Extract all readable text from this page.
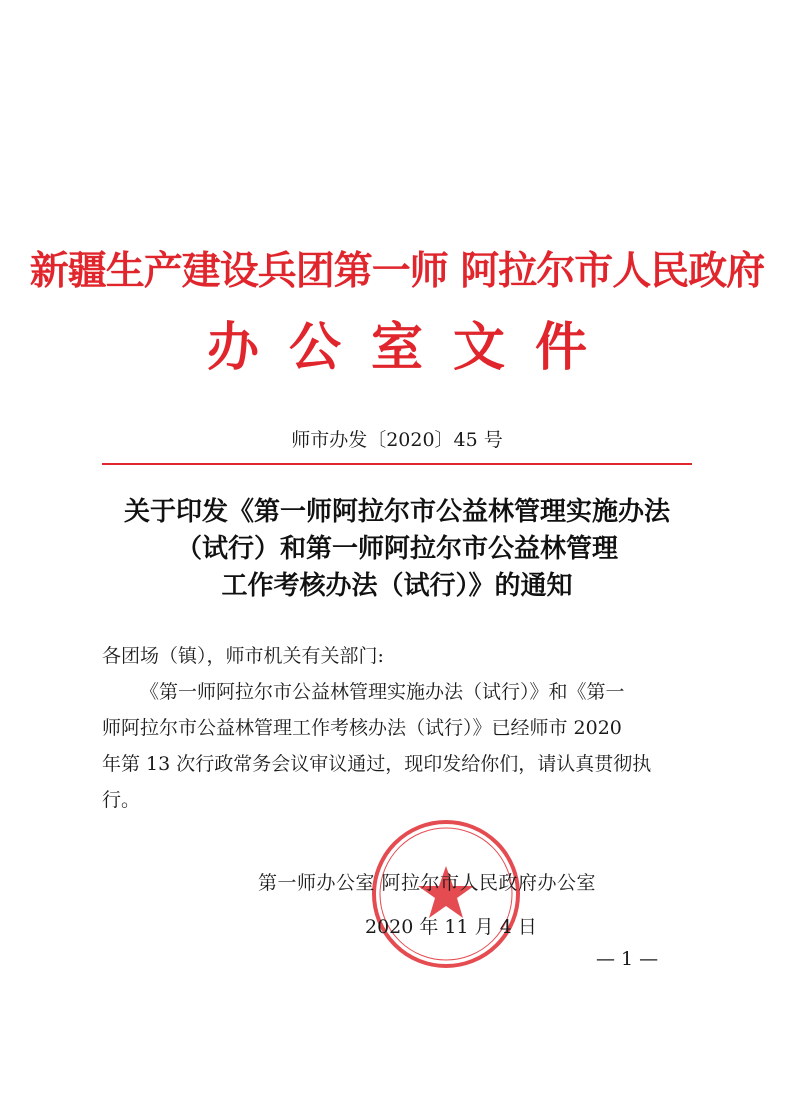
新疆生产建设兵团第一师 阿拉尔市人民政府
办公室文件
师市办发〔2020〕45 号
关于印发《第一师阿拉尔市公益林管理实施办法
（试行）和第一师阿拉尔市公益林管理
工作考核办法（试行）》的通知
各团场（镇），师市机关有关部门:
《第一师阿拉尔市公益林管理实施办法（试行）》和《第一
师阿拉尔市公益林管理工作考核办法（试行）》已经师市 2020
年第 13 次行政常务会议审议通过，现印发给你们，请认真贯彻执
行。
第一师办公室 阿拉尔市人民政府办公室
2020 年 11 月 4 日
— 1 —
